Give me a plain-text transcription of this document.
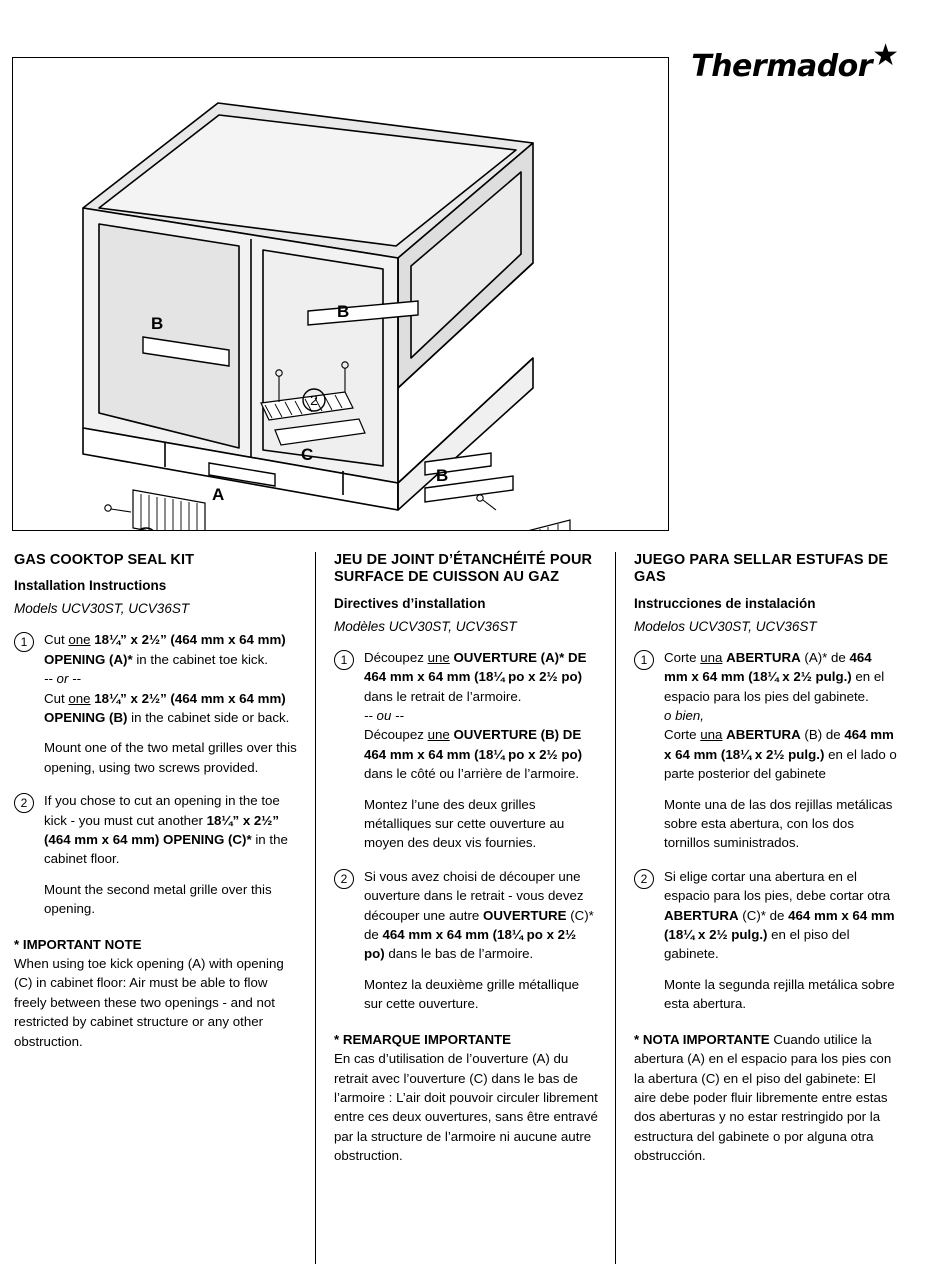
Thermador ★
B
B
B
C
A
2
GAS COOKTOP SEAL KIT
Installation Instructions
Models UCV30ST, UCV36ST
1	Cut one 18¼” x 2½” (464 mm x 64 mm) OPENING (A)* in the cabinet toe kick.
-- or --
Cut one 18¼” x 2½” (464 mm x 64 mm) OPENING (B) in the cabinet side or back.

Mount one of the two metal grilles over this opening, using two screws provided.

2	If you chose to cut an opening in the toe kick - you must cut another 18¼” x 2½” (464 mm x 64 mm) OPENING (C)* in the cabinet floor.

Mount the second metal grille over this opening.

* IMPORTANT NOTE

When using toe kick opening (A) with opening (C) in cabinet floor: Air must be able to flow freely between these two openings - and not restricted by cabinet structure or any other obstruction.

JEU DE JOINT D’ÉTANCHÉITÉ POUR SURFACE DE CUISSON AU GAZ
Directives d’installation
Modèles UCV30ST, UCV36ST
1	Découpez une OUVERTURE (A)* DE 464 mm x 64 mm (18¼ po x 2½ po) dans le retrait de l’armoire.
-- ou --
Découpez une OUVERTURE (B) DE 464 mm x 64 mm (18¼ po x 2½ po) dans le côté ou l’arrière de l’armoire.

Montez l’une des deux grilles métalliques sur cette ouverture au moyen des deux vis fournies.

2	Si vous avez choisi de découper une ouverture dans le retrait - vous devez découper une autre OUVERTURE (C)* de 464 mm x 64 mm (18¼ po x 2½ po) dans le bas de l’armoire.

Montez la deuxième grille métallique sur cette ouverture.

* REMARQUE IMPORTANTE

En cas d’utilisation de l’ouverture (A) du retrait avec l’ouverture (C) dans le bas de l’armoire : L’air doit pouvoir circuler librement entre ces deux ouvertures, sans être entravé par la structure de l’armoire ni aucune autre obstruction.

JUEGO PARA SELLAR ESTUFAS DE GAS
Instrucciones de instalación
Modelos UCV30ST, UCV36ST
1	Corte una ABERTURA (A)* de 464 mm x 64 mm (18¼ x 2½ pulg.) en el espacio para los pies del gabinete.
o bien,
Corte una ABERTURA (B) de 464 mm x 64 mm (18¼ x 2½ pulg.) en el lado o parte posterior del gabinete

Monte una de las dos rejillas metálicas sobre esta abertura, con los dos tornillos suministrados.

2	Si elige cortar una abertura en el espacio para los pies, debe cortar otra ABERTURA (C)* de 464 mm x 64 mm (18¼ x 2½ pulg.) en el piso del gabinete.

Monte la segunda rejilla metálica sobre esta abertura.

* NOTA IMPORTANTE Cuando utilice la abertura (A) en el espacio para los pies con la abertura (C) en el piso del gabinete: El aire debe poder fluir libremente entre estas dos aberturas y no estar restringido por la estructura del gabinete o por alguna otra obstrucción.
